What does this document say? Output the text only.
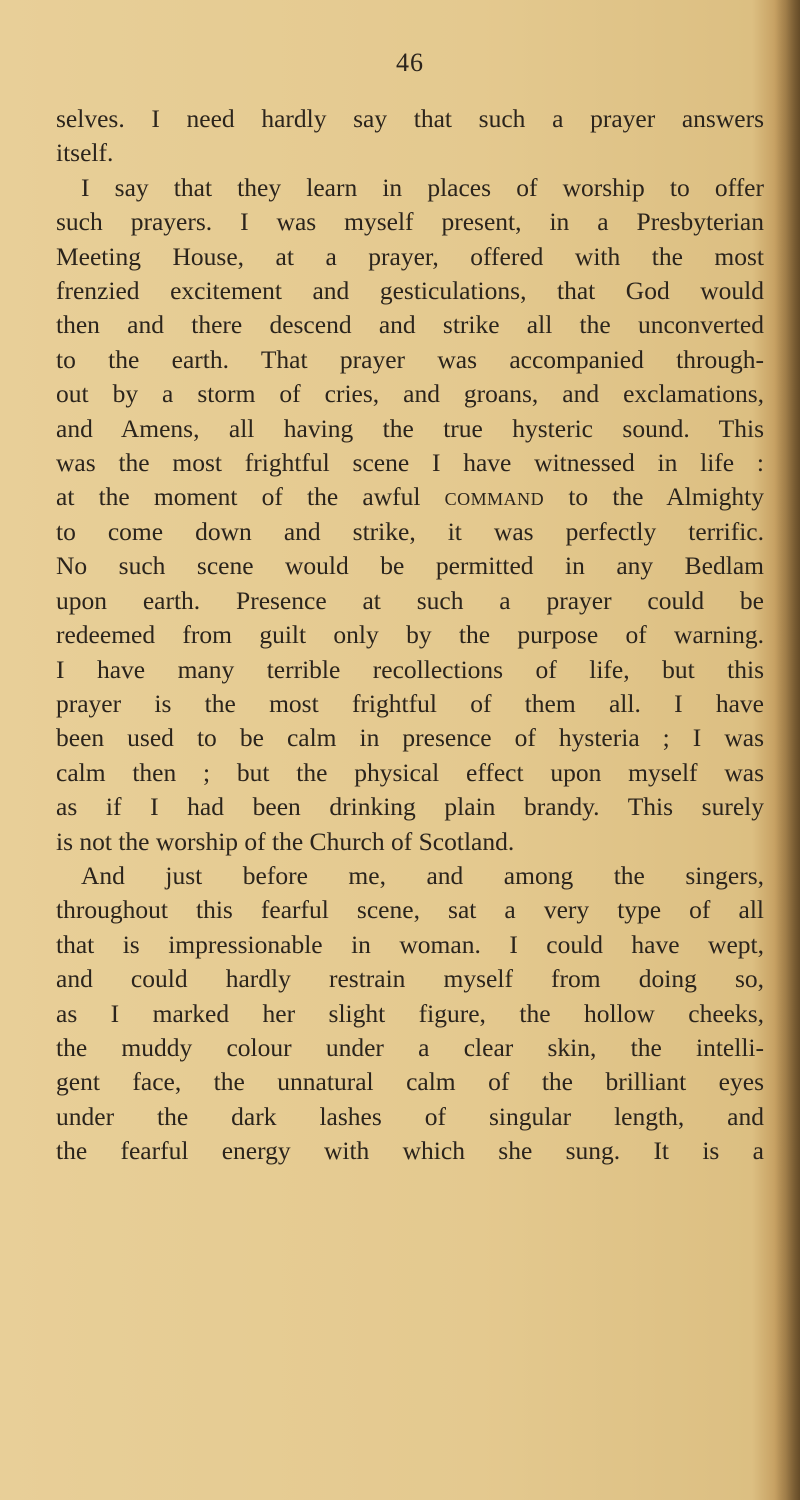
46

selves. I need hardly say that such a prayer answers

itself.

I say that they learn in places of worship to offer

such prayers. I was myself present, in a Presbyterian

Meeting House, at a prayer, offered with the most

frenzied excitement and gesticulations, that God would

then and there descend and strike all the unconverted

to the earth. That prayer was accompanied through-

out by a storm of cries, and groans, and exclamations,

and Amens, all having the true hysteric sound. This

was the most frightful scene I have witnessed in life :

at the moment of the awful command to the Almighty

to come down and strike, it was perfectly terrific.

No such scene would be permitted in any Bedlam

upon earth. Presence at such a prayer could be

redeemed from guilt only by the purpose of warning.

I have many terrible recollections of life, but this

prayer is the most frightful of them all. I have

been used to be calm in presence of hysteria ; I was

calm then ; but the physical effect upon myself was

as if I had been drinking plain brandy. This surely

is not the worship of the Church of Scotland.

And just before me, and among the singers,

throughout this fearful scene, sat a very type of all

that is impressionable in woman. I could have wept,

and could hardly restrain myself from doing so,

as I marked her slight figure, the hollow cheeks,

the muddy colour under a clear skin, the intelli-

gent face, the unnatural calm of the brilliant eyes

under the dark lashes of singular length, and

the fearful energy with which she sung. It is a
